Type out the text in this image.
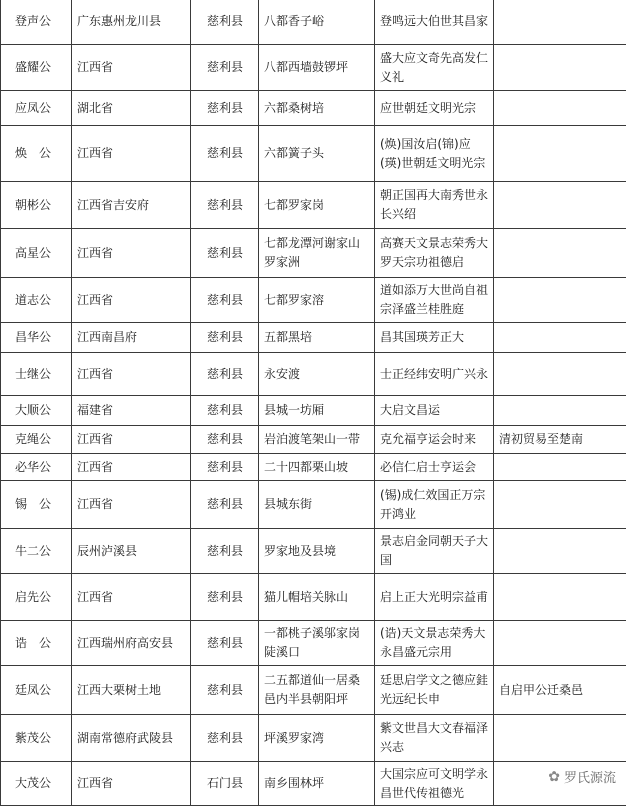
登声公	广东惠州龙川县	慈利县	八都香子峪	登鸣远大伯世其昌家	
盛耀公	江西省	慈利县	八都西墙鼓锣坪	盛大应文奇先高发仁义礼	
应凤公	湖北省	慈利县	六都桑树培	应世朝廷文明光宗	
焕　公	江西省	慈利县	六都簧子头	(焕)国汝启(锦)应(瑛)世朝廷文明光宗	
朝彬公	江西省吉安府	慈利县	七都罗家岗	朝正国再大南秀世永长兴绍	
高星公	江西省	慈利县	七都龙潭河谢家山罗家洲	高赛天文景志荣秀大罗天宗功祖德启	
道志公	江西省	慈利县	七都罗家溶	道如添万大世尚自祖宗泽盛兰桂胜庭	
昌华公	江西南昌府	慈利县	五都黑培	昌其国瑛芳正大	
士继公	江西省	慈利县	永安渡	士正经纬安明广兴永	
大顺公	福建省	慈利县	县城一坊厢	大启文昌运	
克绳公	江西省	慈利县	岩泊渡笔架山一带	克允福亨运会时来	清初贸易至楚南
必华公	江西省	慈利县	二十四都栗山坡	必信仁启士亨运会	
锡　公	江西省	慈利县	县城东街	(锡)成仁效国正万宗开鸿业	
牛二公	辰州泸溪县	慈利县	罗家地及县境	景志启金同朝天子大国	
启先公	江西省	慈利县	猫儿帽培关脉山	启上正大光明宗益甫	
诰　公	江西瑞州府高安县	慈利县	一都桃子溪邬家岗陡溪口	(诰)天文景志荣秀大永昌盛元宗用	
廷凤公	江西大栗树土地	慈利县	二五都道仙一居桑邑内半县朝阳坪	廷思启学文之德应銈光远纪长申	自启甲公迁桑邑
紫茂公	湖南常德府武陵县	慈利县	坪溪罗家湾	紫文世昌大文春福泽兴志	
大茂公	江西省	石门县	南乡围林坪	大国宗应可文明学永昌世代传祖德光	
✿ 罗氏源流
